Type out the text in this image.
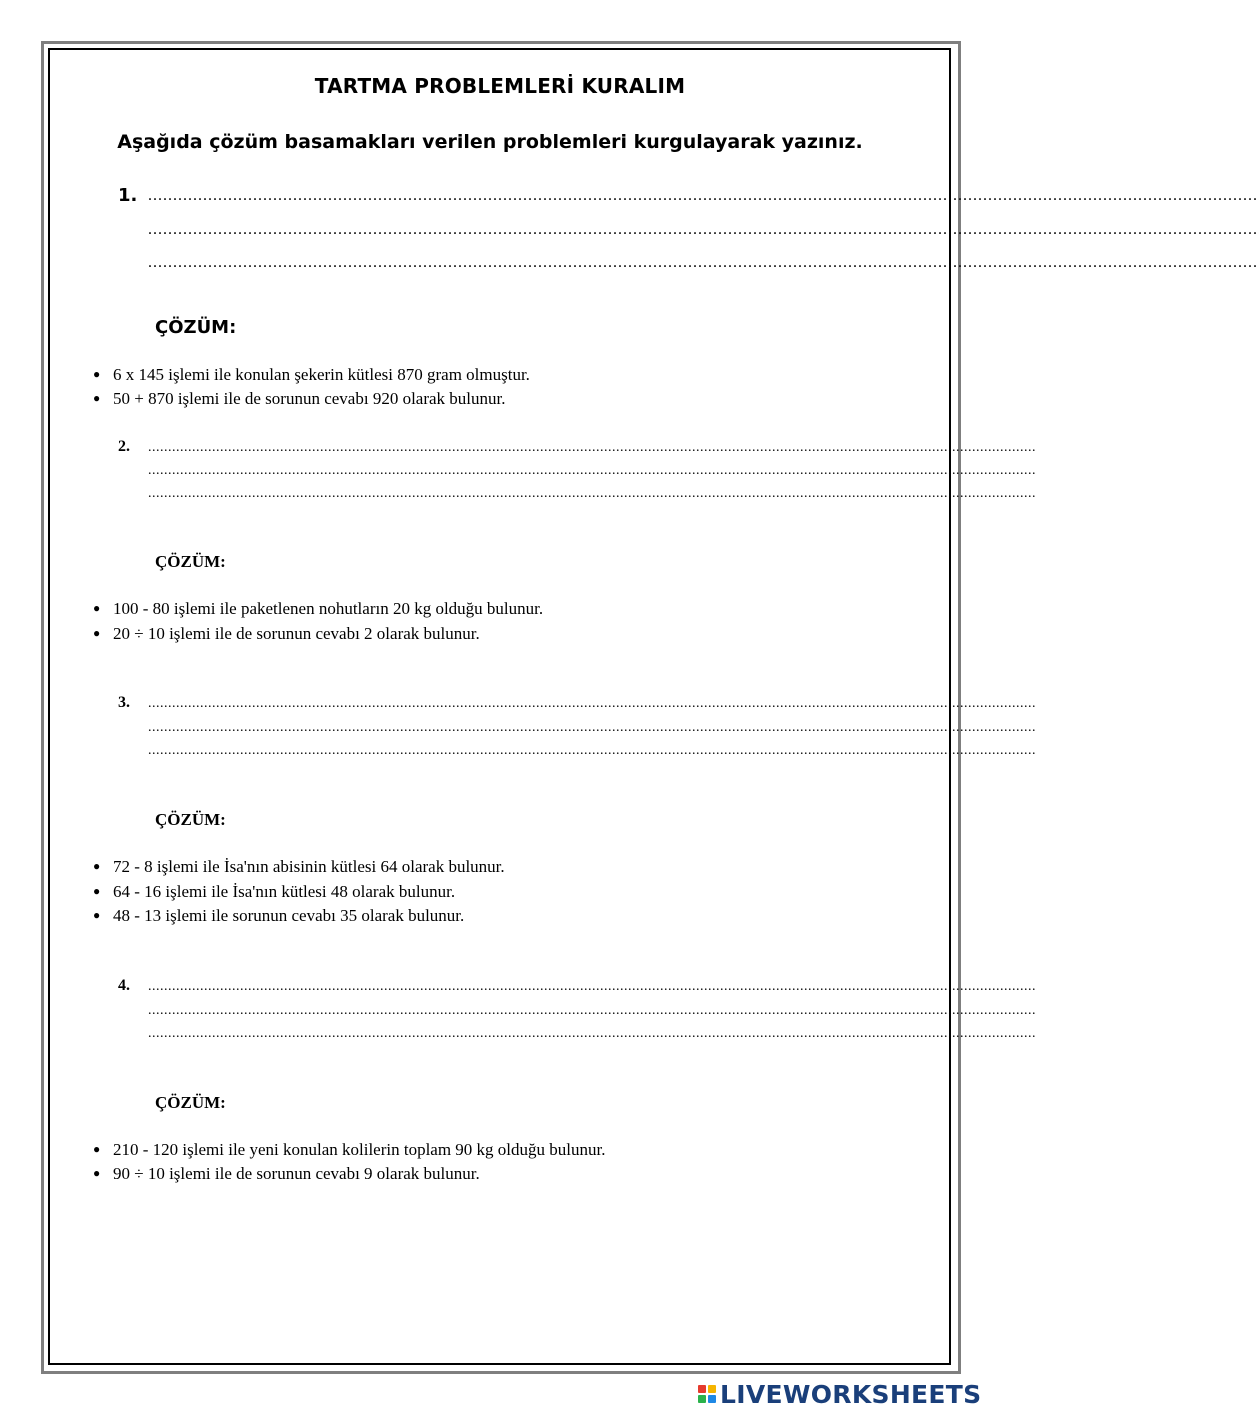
TARTMA PROBLEMLERİ KURALIM
Aşağıda çözüm basamakları verilen problemleri kurgulayarak yazınız.
1. ..............................................................................................................................................................................................................................
..............................................................................................................................................................................................................................
..............................................................................................................................................................................................................................
ÇÖZÜM:
● 6 x 145 işlemi ile konulan şekerin kütlesi 870 gram olmuştur.
● 50 + 870 işlemi ile de sorunun cevabı 920 olarak bulunur.
2. ..............................................................................................................................................................................................................................
..............................................................................................................................................................................................................................
..............................................................................................................................................................................................................................
ÇÖZÜM:
● 100 - 80 işlemi ile paketlenen nohutların 20 kg olduğu bulunur.
● 20 ÷ 10 işlemi ile de sorunun cevabı 2 olarak bulunur.
3. ..............................................................................................................................................................................................................................
..............................................................................................................................................................................................................................
..............................................................................................................................................................................................................................
ÇÖZÜM:
● 72 - 8 işlemi ile İsa'nın abisinin kütlesi 64 olarak bulunur.
● 64 - 16 işlemi ile İsa'nın kütlesi 48 olarak bulunur.
● 48 - 13 işlemi ile sorunun cevabı 35 olarak bulunur.
4. ..............................................................................................................................................................................................................................
..............................................................................................................................................................................................................................
..............................................................................................................................................................................................................................
ÇÖZÜM:
● 210 - 120 işlemi ile yeni konulan kolilerin toplam 90 kg olduğu bulunur.
● 90 ÷ 10 işlemi ile de sorunun cevabı 9 olarak bulunur.
LIVEWORKSHEETS
